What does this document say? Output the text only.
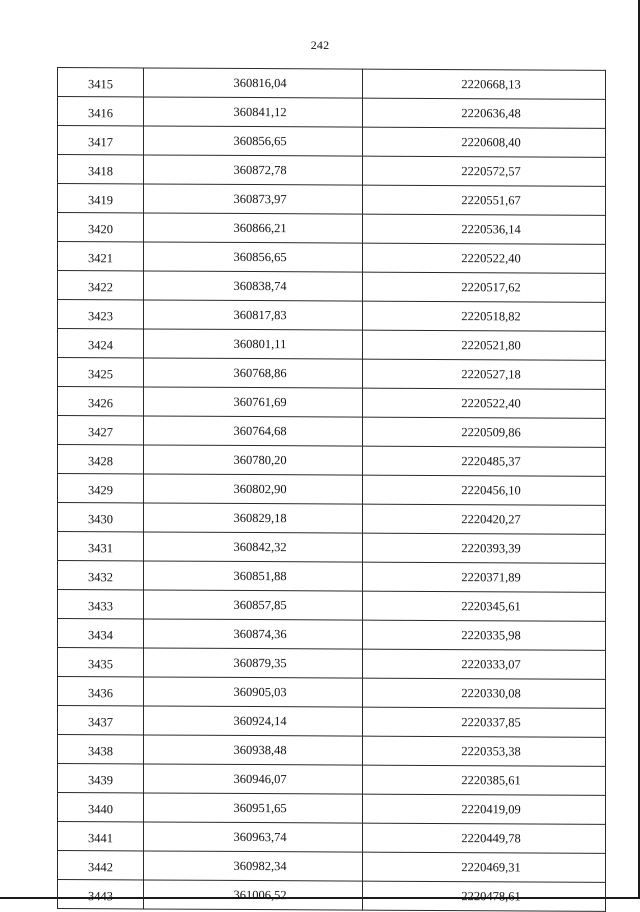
242
3415	360816,04	2220668,13
3416	360841,12	2220636,48
3417	360856,65	2220608,40
3418	360872,78	2220572,57
3419	360873,97	2220551,67
3420	360866,21	2220536,14
3421	360856,65	2220522,40
3422	360838,74	2220517,62
3423	360817,83	2220518,82
3424	360801,11	2220521,80
3425	360768,86	2220527,18
3426	360761,69	2220522,40
3427	360764,68	2220509,86
3428	360780,20	2220485,37
3429	360802,90	2220456,10
3430	360829,18	2220420,27
3431	360842,32	2220393,39
3432	360851,88	2220371,89
3433	360857,85	2220345,61
3434	360874,36	2220335,98
3435	360879,35	2220333,07
3436	360905,03	2220330,08
3437	360924,14	2220337,85
3438	360938,48	2220353,38
3439	360946,07	2220385,61
3440	360951,65	2220419,09
3441	360963,74	2220449,78
3442	360982,34	2220469,31
3443	361006,52	2220478,61
